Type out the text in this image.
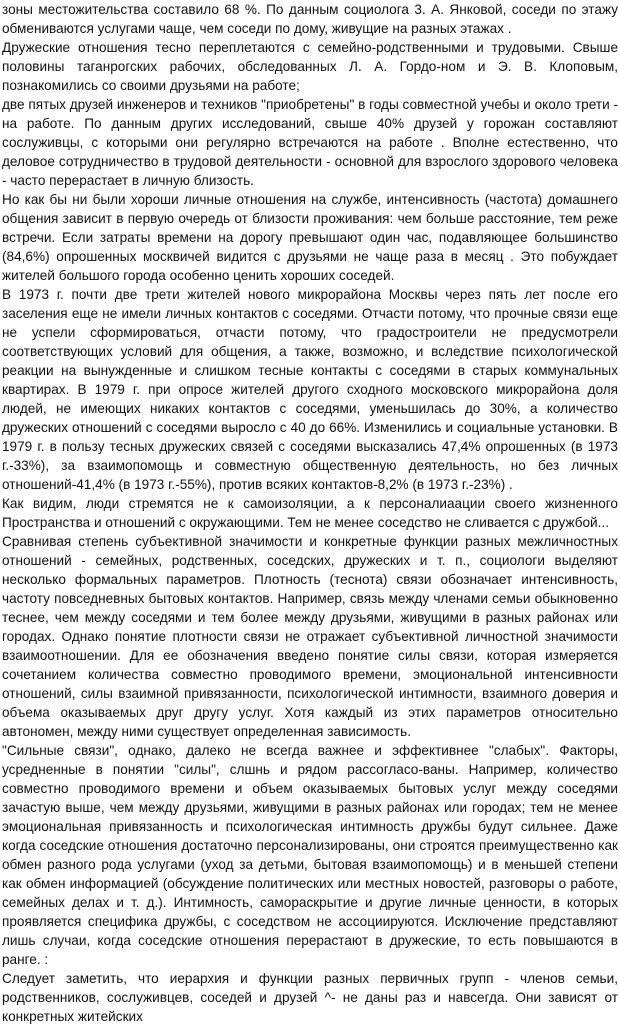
зоны местожительства составило 68 %. По данным социолога 3. А. Янковой, соседи по этажу обмениваются услугами чаще, чем соседи по дому, живущие на разных этажах .

Дружеские отношения тесно переплетаются с семейно-родственными и трудовыми. Свыше половины таганрогских рабочих, обследованных Л. А. Гордо-ном и Э. В. Клоповым, познакомились со своими друзьями на работе;

две пятых друзей инженеров и техников "приобретены" в годы совместной учебы и около трети - на работе. По данным других исследований, свыше 40% друзей у горожан составляют сослуживцы, с которыми они регулярно встречаются на работе . Вполне естественно, что деловое сотрудничество в трудовой деятельности - основной для взрослого здорового человека - часто перерастает в личную близость.

Но как бы ни были хороши личные отношения на службе, интенсивность (частота) домашнего общения зависит в первую очередь от близости проживания: чем больше расстояние, тем реже встречи. Если затраты времени на дорогу превышают один час, подавляющее большинство (84,6%) опрошенных москвичей видится с друзьями не чаще раза в месяц . Это побуждает жителей большого города особенно ценить хороших соседей.

В 1973 г. почти две трети жителей нового микрорайона Москвы через пять лет после его заселения еще не имели личных контактов с соседями. Отчасти потому, что прочные связи еще не успели сформироваться, отчасти потому, что градостроители не предусмотрели соответствующих условий для общения, а также, возможно, и вследствие психологической реакции на вынужденные и слишком тесные контакты с соседями в старых коммунальных квартирах. В 1979 г. при опросе жителей другого сходного московского микрорайона доля людей, не имеющих никаких контактов с соседями, уменьшилась до 30%, а количество дружеских отношений с соседями выросло с 40 до 66%. Изменились и социальные установки. В 1979 г. в пользу тесных дружеских связей с соседями высказались 47,4% опрошенных (в 1973 г.-33%), за взаимопомощь и совместную общественную деятельность, но без личных отношений-41,4% (в 1973 г.-55%), против всяких контактов-8,2% (в 1973 г.-23%) .

Как видим, люди стремятся не к самоизоляции, а к персоналиаации своего жизненного Пространства и отношений с окружающими. Тем не менее соседство не сливается с дружбой...

Сравнивая степень субъективной значимости и конкретные функции разных межличностных отношений - семейных, родственных, соседских, дружеских и т. п., социологи выделяют несколько формальных параметров. Плотность (теснота) связи обозначает интенсивность, частоту повседневных бытовых контактов. Например, связь между членами семьи обыкновенно теснее, чем между соседями и тем более между друзьями, живущими в разных районах или городах. Однако понятие плотности связи не отражает субъективной личностной значимости взаимоотношении. Для ее обозначения введено понятие силы связи, которая измеряется сочетанием количества совместно проводимого времени, эмоциональной интенсивности отношений, силы взаимной привязанности, психологической интимности, взаимного доверия и объема оказываемых друг другу услуг. Хотя каждый из этих параметров относительно автономен, между ними существует определенная зависимость.

"Сильные связи", однако, далеко не всегда важнее и эффективнее "слабых". Факторы, усредненные в понятии "силы", слшнь и рядом рассогласо-ваны. Например, количество совместно проводимого времени и объем оказываемых бытовых услуг между соседями зачастую выше, чем между друзьями, живущими в разных районах или городах; тем не менее эмоциональная привязанность и психологическая интимность дружбы будут сильнее. Даже когда соседские отношения достаточно персонализированы, они строятся преимущественно как обмен разного рода услугами (уход за детьми, бытовая взаимопомощь) и в меньшей степени как обмен информацией (обсуждение политических или местных новостей, разговоры о работе, семейных делах и т. д.). Интимность, самораскрытие и другие личные ценности, в которых проявляется специфика дружбы, с соседством не ассоциируются. Исключение представляют лишь случаи, когда соседские отношения перерастают в дружеские, то есть повышаются в ранге. :

Следует заметить, что иерархия и функции разных первичных групп - членов семьи, родственников, сослуживцев, соседей и друзей ^- не даны раз и навсегда. Они зависят от конкретных житейских
